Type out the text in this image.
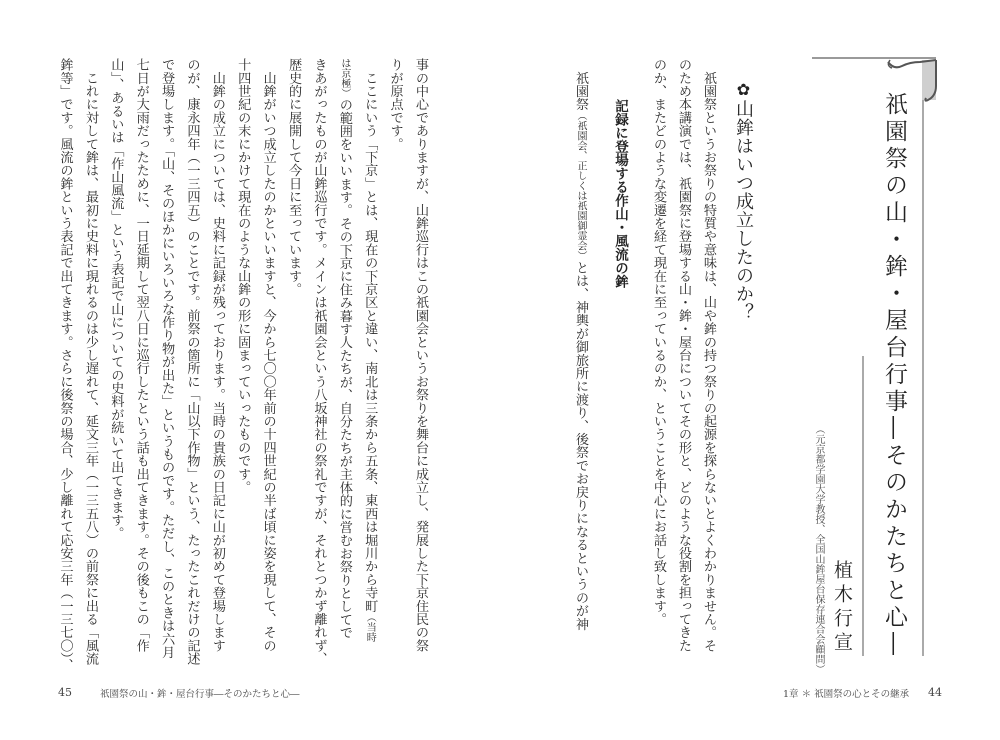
事の中心でありますが、山鉾巡行はこの祇園会というお祭りを舞台に成立し、発展した下京住民の祭
りが原点です。
　ここにいう「下京」とは、現在の下京区と違い、南北は三条から五条、東西は堀川から寺町（当時
は京極）の範囲をいいます。その下京に住み暮す人たちが、自分たちが主体的に営むお祭りとしてで
きあがったものが山鉾巡行です。メインは祇園会という八坂神社の祭礼ですが、それとつかず離れず、
歴史的に展開して今日に至っています。
　山鉾がいつ成立したのかといいますと、今から七〇〇年前の十四世紀の半ば頃に姿を現して、その
十四世紀の末にかけて現在のような山鉾の形に固まっていったものです。
　山鉾の成立については、史料に記録が残っております。当時の貴族の日記に山が初めて登場します
のが、康永四年（一三四五）のことです。前祭の箇所に「山以下作物」という、たったこれだけの記述
で登場します。「山、そのほかにいろいろな作り物が出た」というものです。ただし、このときは六月
七日が大雨だったために、一日延期して翌八日に巡行したという話も出てきます。その後もこの「作
山」、あるいは「作山風流」という表記で山についての史料が続いて出てきます。
　これに対して鉾は、最初に史料に現れるのは少し遅れて、延文三年（一三五八）の前祭に出る「風流
鉾等」です。風流の鉾という表記で出てきます。さらに後祭の場合、少し離れて応安三年（一三七〇）、
45	祇園祭の山・鉾・屋台行事―そのかたちと心―
祇園祭の山・鉾・屋台行事―そのかたちと心―
植木行宣
（元京都学園大学教授、全国山鉾屋台保存連合会顧問）
✿山鉾はいつ成立したのか？
　祇園祭というお祭りの特質や意味は、山や鉾の持つ祭りの起源を探らないとよくわかりません。そ
のため本講演では、祇園祭に登場する山・鉾・屋台についてその形と、どのような役割を担ってきた
のか、またどのような変遷を経て現在に至っているのか、ということを中心にお話し致します。
記録に登場する作山・風流の鉾
　祇園祭（祇園会、正しくは祇園御霊会）とは、神輿が御旅所に渡り、後祭でお戻りになるというのが神
1章 ＊ 祇園祭の心とその継承 44
